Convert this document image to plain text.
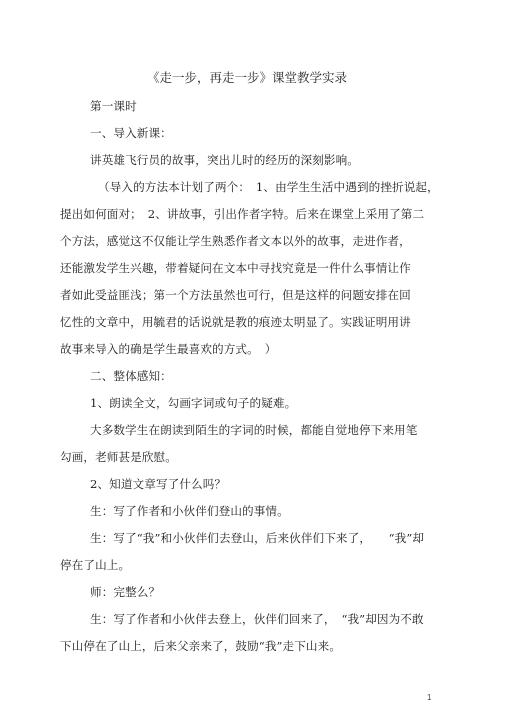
《走一步，再走一步》课堂教学实录
第一课时
一、导入新课：
讲英雄飞行员的故事，突出儿时的经历的深刻影响。
（导入的方法本计划了两个：　1、由学生生活中遇到的挫折说起，
提出如何面对；　2、讲故事，引出作者字特。后来在课堂上采用了第二
个方法，感觉这不仅能让学生熟悉作者文本以外的故事，走进作者，
还能激发学生兴趣，带着疑问在文本中寻找究竟是一件什么事情让作
者如此受益匪浅；第一个方法虽然也可行，但是这样的问题安排在回
忆性的文章中，用毓君的话说就是教的痕迹太明显了。实践证明用讲
故事来导入的确是学生最喜欢的方式。　）
二、整体感知：
1、朗读全文，勾画字词或句子的疑难。
大多数学生在朗读到陌生的字词的时候，都能自觉地停下来用笔
勾画，老师甚是欣慰。
2、知道文章写了什么吗？
生：写了作者和小伙伴们登山的事情。
生：写了“我”和小伙伴们去登山，后来伙伴们下来了，　　“我”却
停在了山上。
师：完整么？
生：写了作者和小伙伴去登上，伙伴们回来了，　“我”却因为不敢
下山停在了山上，后来父亲来了，鼓励“我”走下山来。
1
